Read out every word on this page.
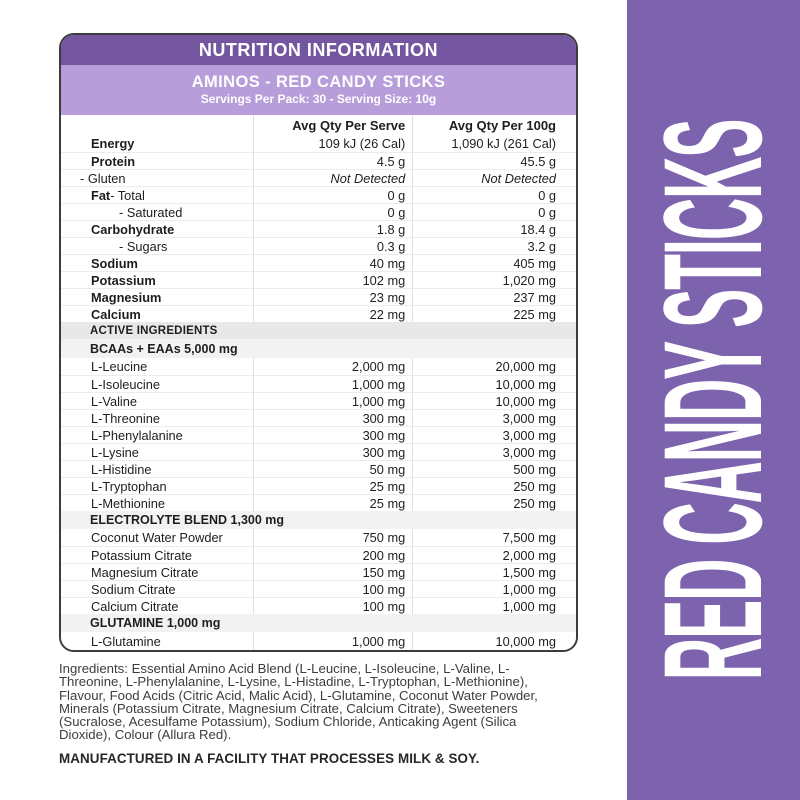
NUTRITION INFORMATION
AMINOS - RED CANDY STICKS
Servings Per Pack: 30 - Serving Size: 10g
Avg Qty Per Serve	Avg Qty Per 100g
Energy	109 kJ (26 Cal)	1,090 kJ (261 Cal)
Protein	4.5 g	45.5 g
- Gluten	Not Detected	Not Detected
Fat - Total	0 g	0 g
- Saturated	0 g	0 g
Carbohydrate	1.8 g	18.4 g
- Sugars	0.3 g	3.2 g
Sodium	40 mg	405 mg
Potassium	102 mg	1,020 mg
Magnesium	23 mg	237 mg
Calcium	22 mg	225 mg
ACTIVE INGREDIENTS
BCAAs + EAAs 5,000 mg
L-Leucine	2,000 mg	20,000 mg
L-Isoleucine	1,000 mg	10,000 mg
L-Valine	1,000 mg	10,000 mg
L-Threonine	300 mg	3,000 mg
L-Phenylalanine	300 mg	3,000 mg
L-Lysine	300 mg	3,000 mg
L-Histidine	50 mg	500 mg
L-Tryptophan	25 mg	250 mg
L-Methionine	25 mg	250 mg
ELECTROLYTE BLEND 1,300 mg
Coconut Water Powder	750 mg	7,500 mg
Potassium Citrate	200 mg	2,000 mg
Magnesium Citrate	150 mg	1,500 mg
Sodium Citrate	100 mg	1,000 mg
Calcium Citrate	100 mg	1,000 mg
GLUTAMINE 1,000 mg
L-Glutamine	1,000 mg	10,000 mg
Ingredients: Essential Amino Acid Blend (L-Leucine, L-Isoleucine, L-Valine, L-Threonine, L-Phenylalanine, L-Lysine, L-Histadine, L-Tryptophan, L-Methionine), Flavour, Food Acids (Citric Acid, Malic Acid), L-Glutamine, Coconut Water Powder, Minerals (Potassium Citrate, Magnesium Citrate, Calcium Citrate), Sweeteners (Sucralose, Acesulfame Potassium), Sodium Chloride, Anticaking Agent (Silica Dioxide), Colour (Allura Red).
MANUFACTURED IN A FACILITY THAT PROCESSES MILK & SOY.
RED CANDY STICKS
